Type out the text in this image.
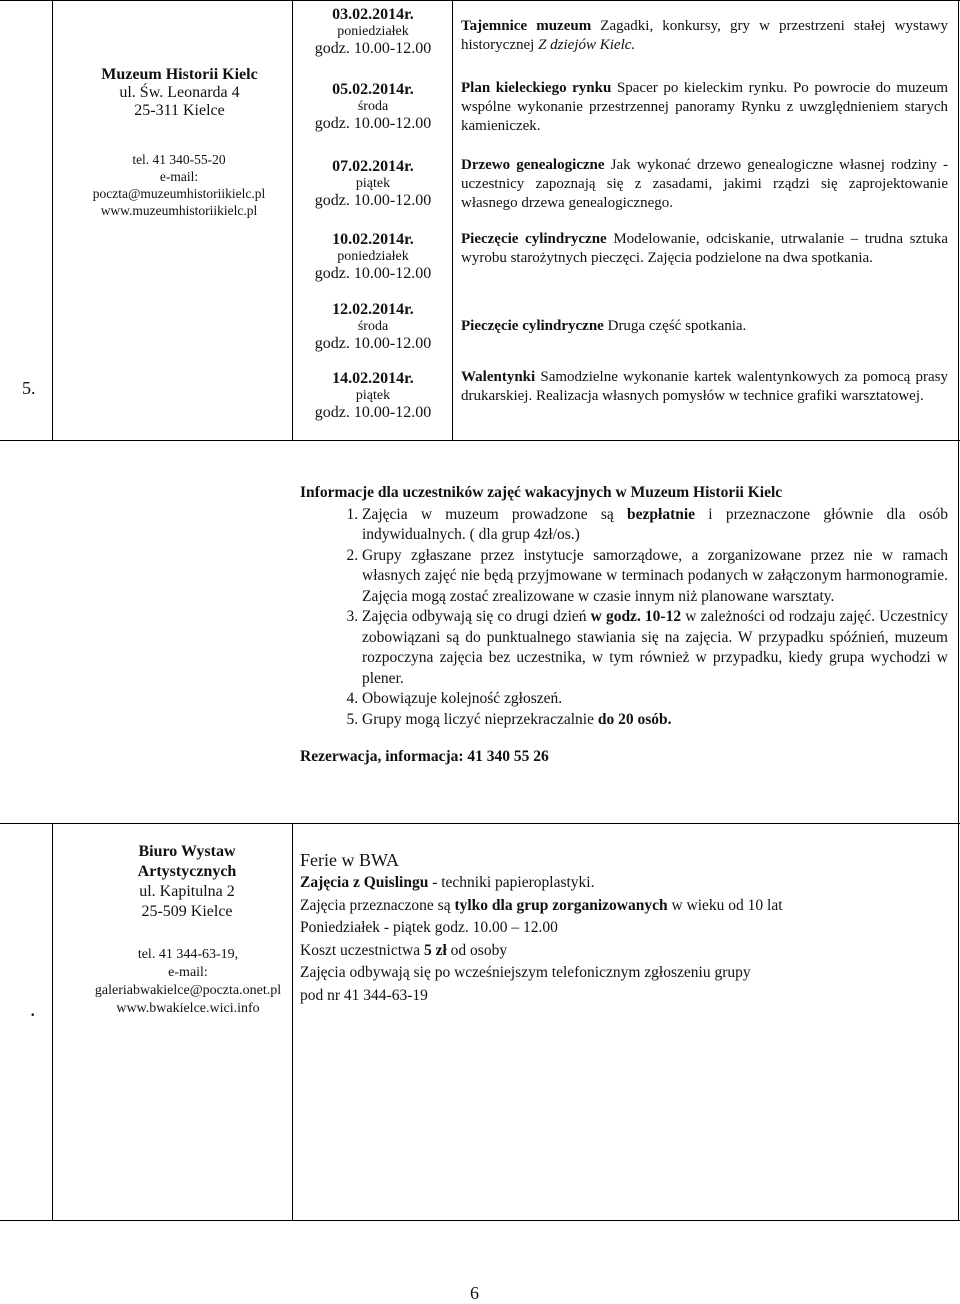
5.
Muzeum Historii Kielc
ul. Św. Leonarda 4
25-311 Kielce
tel. 41 340-55-20
e-mail:
poczta@muzeumhistoriikielc.pl
www.muzeumhistoriikielc.pl
03.02.2014r.
poniedziałek
godz. 10.00-12.00
05.02.2014r.
środa
godz. 10.00-12.00
07.02.2014r.
piątek
godz. 10.00-12.00
10.02.2014r.
poniedziałek
godz. 10.00-12.00
12.02.2014r.
środa
godz. 10.00-12.00
14.02.2014r.
piątek
godz. 10.00-12.00
Tajemnice muzeum Zagadki, konkursy, gry w przestrzeni stałej wystawy historycznej Z dziejów Kielc.
Plan kieleckiego rynku Spacer po kieleckim rynku. Po powrocie do muzeum wspólne wykonanie przestrzennej panoramy Rynku z uwzględnieniem starych kamieniczek.
Drzewo genealogiczne Jak wykonać drzewo genealogiczne własnej rodziny - uczestnicy zapoznają się z zasadami, jakimi rządzi się zaprojektowanie własnego drzewa genealogicznego.
Pieczęcie cylindryczne Modelowanie, odciskanie, utrwalanie – trudna sztuka wyrobu starożytnych pieczęci. Zajęcia podzielone na dwa spotkania.
Pieczęcie cylindryczne Druga część spotkania.
Walentynki Samodzielne wykonanie kartek walentynkowych za pomocą prasy drukarskiej. Realizacja własnych pomysłów w technice grafiki warsztatowej.
Informacje dla uczestników zajęć wakacyjnych w Muzeum Historii Kielc
1. Zajęcia w muzeum prowadzone są bezpłatnie i przeznaczone głównie dla osób indywidualnych. ( dla grup 4zł/os.)
2. Grupy zgłaszane przez instytucje samorządowe, a zorganizowane przez nie w ramach własnych zajęć nie będą przyjmowane w terminach podanych w załączonym harmonogramie. Zajęcia mogą zostać zrealizowane w czasie innym niż planowane warsztaty.
3. Zajęcia odbywają się co drugi dzień w godz. 10-12 w zależności od rodzaju zajęć. Uczestnicy zobowiązani są do punktualnego stawiania się na zajęcia. W przypadku spóźnień, muzeum rozpoczyna zajęcia bez uczestnika, w tym również w przypadku, kiedy grupa wychodzi w plener.
4. Obowiązuje kolejność zgłoszeń.
5. Grupy mogą liczyć nieprzekraczalnie do 20 osób.
Rezerwacja, informacja: 41 340 55 26
.
Biuro Wystaw
Artystycznych
ul. Kapitulna 2
25-509 Kielce
tel. 41 344-63-19,
e-mail:
galeriabwakielce@poczta.onet.pl
www.bwakielce.wici.info
Ferie w BWA
Zajęcia z Quislingu - techniki papieroplastyki.
Zajęcia przeznaczone są tylko dla grup zorganizowanych w wieku od 10 lat
Poniedziałek - piątek godz. 10.00 – 12.00
Koszt uczestnictwa 5 zł od osoby
Zajęcia odbywają się po wcześniejszym telefonicznym zgłoszeniu grupy
pod nr 41 344-63-19
6
